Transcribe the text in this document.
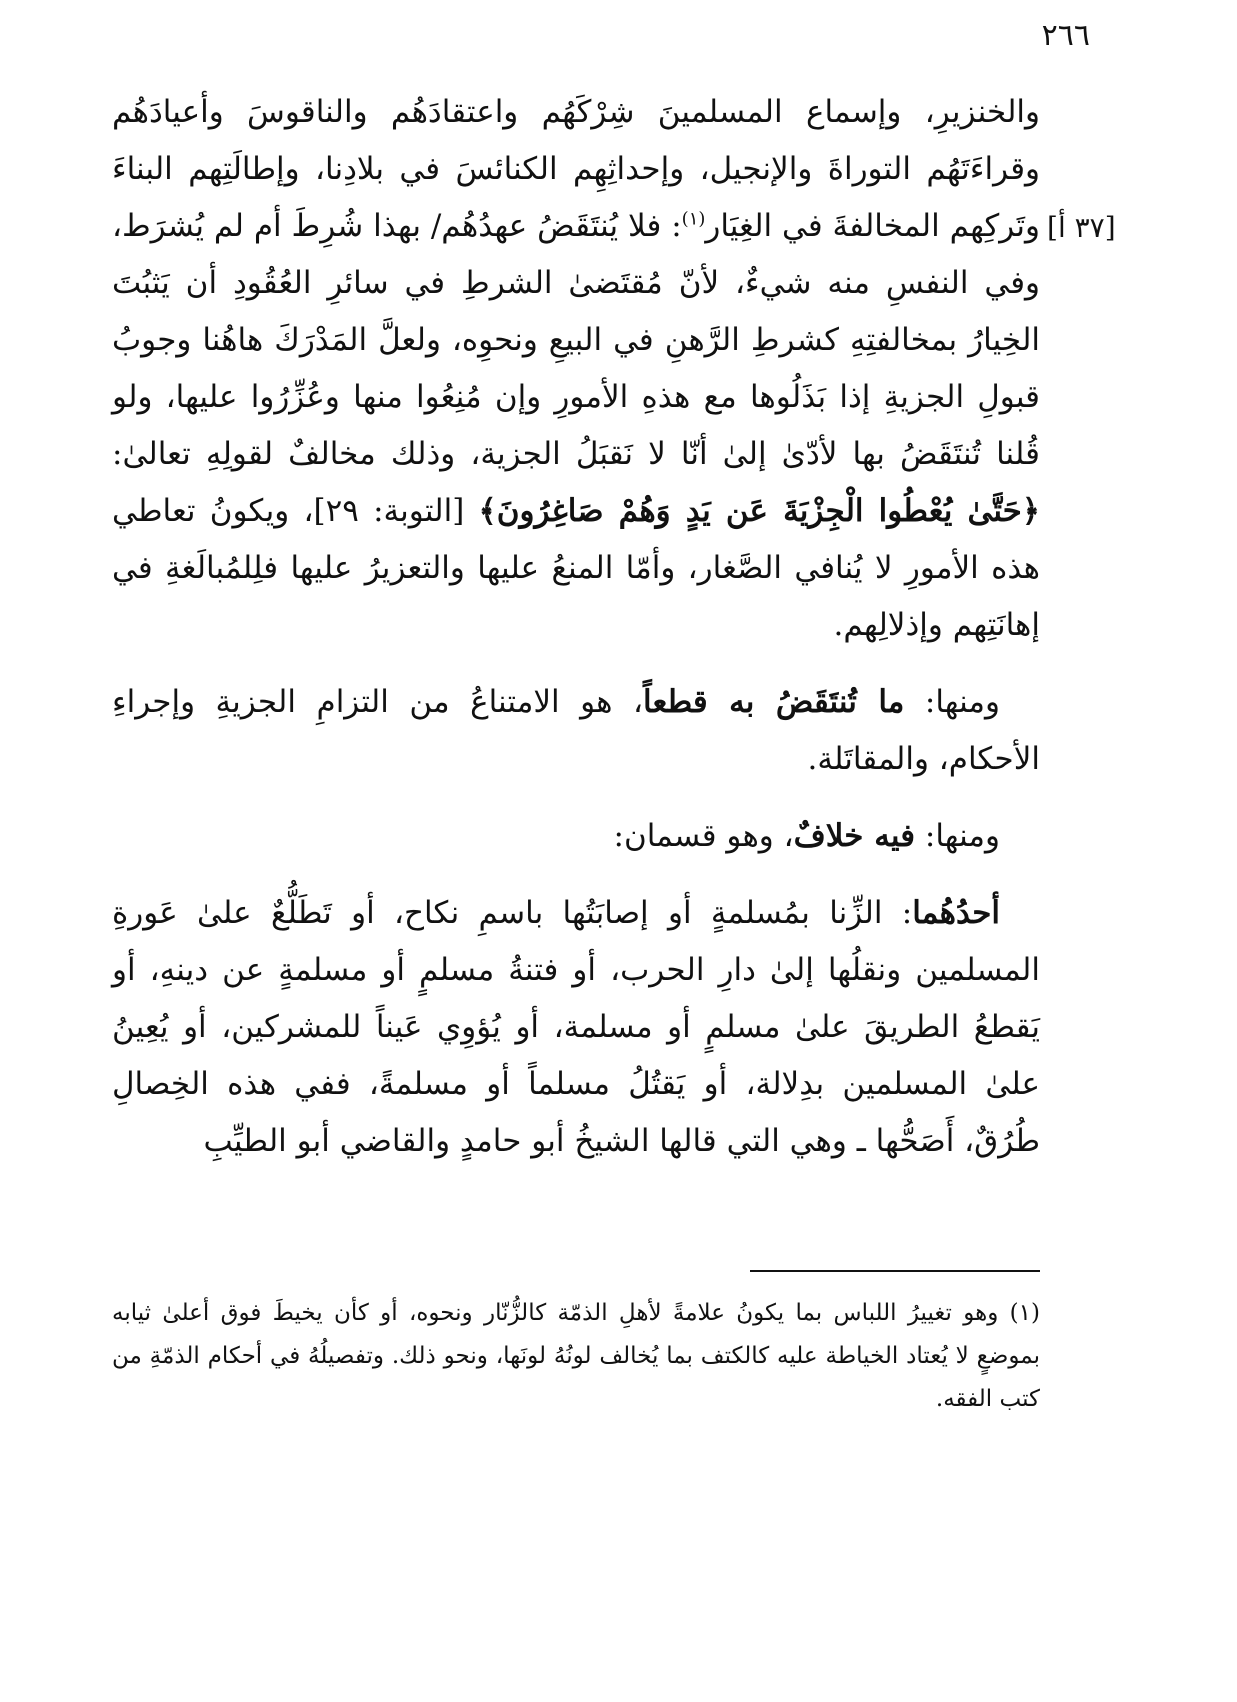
٢٦٦
[٣٧ أ]

والخنزيرِ، وإسماع المسلمينَ شِرْكَهُم واعتقادَهُم والناقوسَ وأعيادَهُم وقراءَتَهُم التوراةَ والإنجيل، وإحداثِهِم الكنائسَ في بلادِنا، وإطالَتِهم البناءَ وتَركِهم المخالفةَ في الغِيَار$^{(١)}$: فلا يُنتَقَضُ عهدُهُم/ بهذا شُرِطَ أم لم يُشرَط، وفي النفسِ منه شيءٌ، لأنّ مُقتَضىٰ الشرطِ في سائرِ العُقُودِ أن يَثبُتَ الخِيارُ بمخالفتِهِ كشرطِ الرَّهنِ في البيعِ ونحوِه، ولعلَّ المَدْرَكَ هاهُنا وجوبُ قبولِ الجزيةِ إذا بَذَلُوها مع هذهِ الأمورِ وإن مُنِعُوا منها وعُزِّرُوا عليها، ولو قُلنا تُنتَقَضُ بها لأدّىٰ إلىٰ أنّا لا نَقبَلُ الجزية، وذلك مخالفٌ لقولِهِ تعالىٰ: ﴿حَتَّىٰ يُعْطُوا الْجِزْيَةَ عَن يَدٍ وَهُمْ صَاغِرُونَ﴾ [التوبة: ٢٩]، ويكونُ تعاطي هذه الأمورِ لا يُنافي الصَّغار، وأمّا المنعُ عليها والتعزيرُ عليها فلِلمُبالَغةِ في إهانَتِهم وإذلالِهم.

ومنها: ما تُنتَقَضُ به قطعاً، هو الامتناعُ من التزامِ الجزيةِ وإجراءِ الأحكام، والمقاتَلة.

ومنها: فيه خلافٌ، وهو قسمان:

أحدُهُما: الزِّنا بمُسلمةٍ أو إصابَتُها باسمِ نكاح، أو تَطَلُّعٌ علىٰ عَورةِ المسلمين ونقلُها إلىٰ دارِ الحرب، أو فتنةُ مسلمٍ أو مسلمةٍ عن دينهِ، أو يَقطعُ الطريقَ علىٰ مسلمٍ أو مسلمة، أو يُؤوِي عَيناً للمشركين، أو يُعِينُ علىٰ المسلمين بدِلالة، أو يَقتُلُ مسلماً أو مسلمةً، ففي هذه الخِصالِ طُرُقٌ، أَصَحُّها ـ وهي التي قالها الشيخُ أبو حامدٍ والقاضي أبو الطيِّبِ

(١) وهو تغييرُ اللباس بما يكونُ علامةً لأهلِ الذمّة كالزُّنّار ونحوه، أو كأن يخيطَ فوق أعلىٰ ثيابه بموضعٍ لا يُعتاد الخياطة عليه كالكتف بما يُخالف لونُهُ لونَها، ونحو ذلك. وتفصيلُهُ في أحكام الذمّةِ من كتب الفقه.
